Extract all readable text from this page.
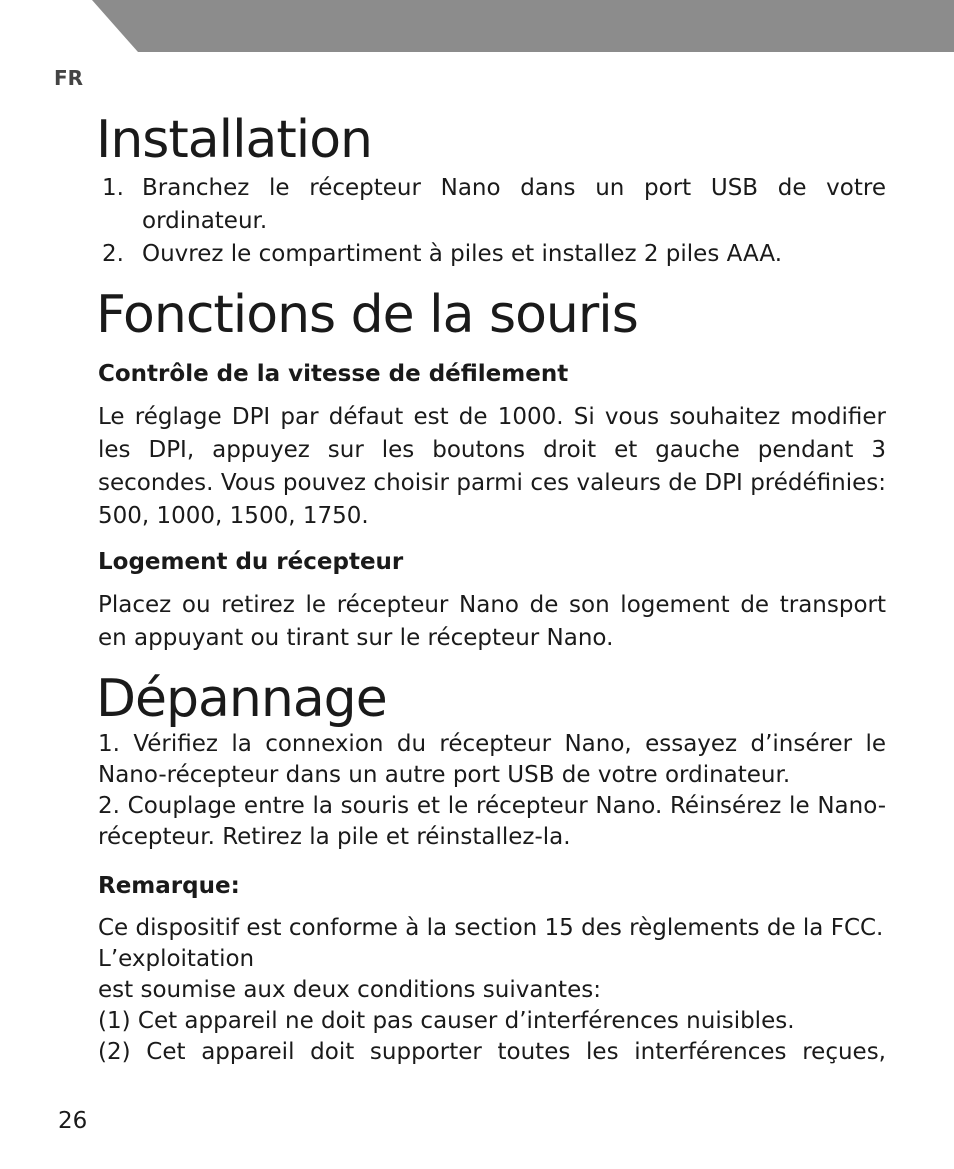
FR
Installation
1. Branchez le récepteur Nano dans un port USB de votre ordinateur.
2. Ouvrez le compartiment à piles et installez 2 piles AAA.
Fonctions de la souris
Contrôle de la vitesse de défilement

Le réglage DPI par défaut est de 1000. Si vous souhaitez modifier les DPI, appuyez sur les boutons droit et gauche pendant 3 secondes. Vous pouvez choisir parmi ces valeurs de DPI prédéfinies: 500, 1000, 1500, 1750.

Logement du récepteur

Placez ou retirez le récepteur Nano de son logement de transport en appuyant ou tirant sur le récepteur Nano.

Dépannage

1. Vérifiez la connexion du récepteur Nano, essayez d’insérer le Nano-récepteur dans un autre port USB de votre ordinateur.

2. Couplage entre la souris et le récepteur Nano. Réinsérez le Nano-récepteur. Retirez la pile et réinstallez-la.

Remarque:

Ce dispositif est conforme à la section 15 des règlements de la FCC. L’exploitation

est soumise aux deux conditions suivantes:

(1) Cet appareil ne doit pas causer d’interférences nuisibles.

(2) Cet appareil doit supporter toutes les interférences reçues,

26
